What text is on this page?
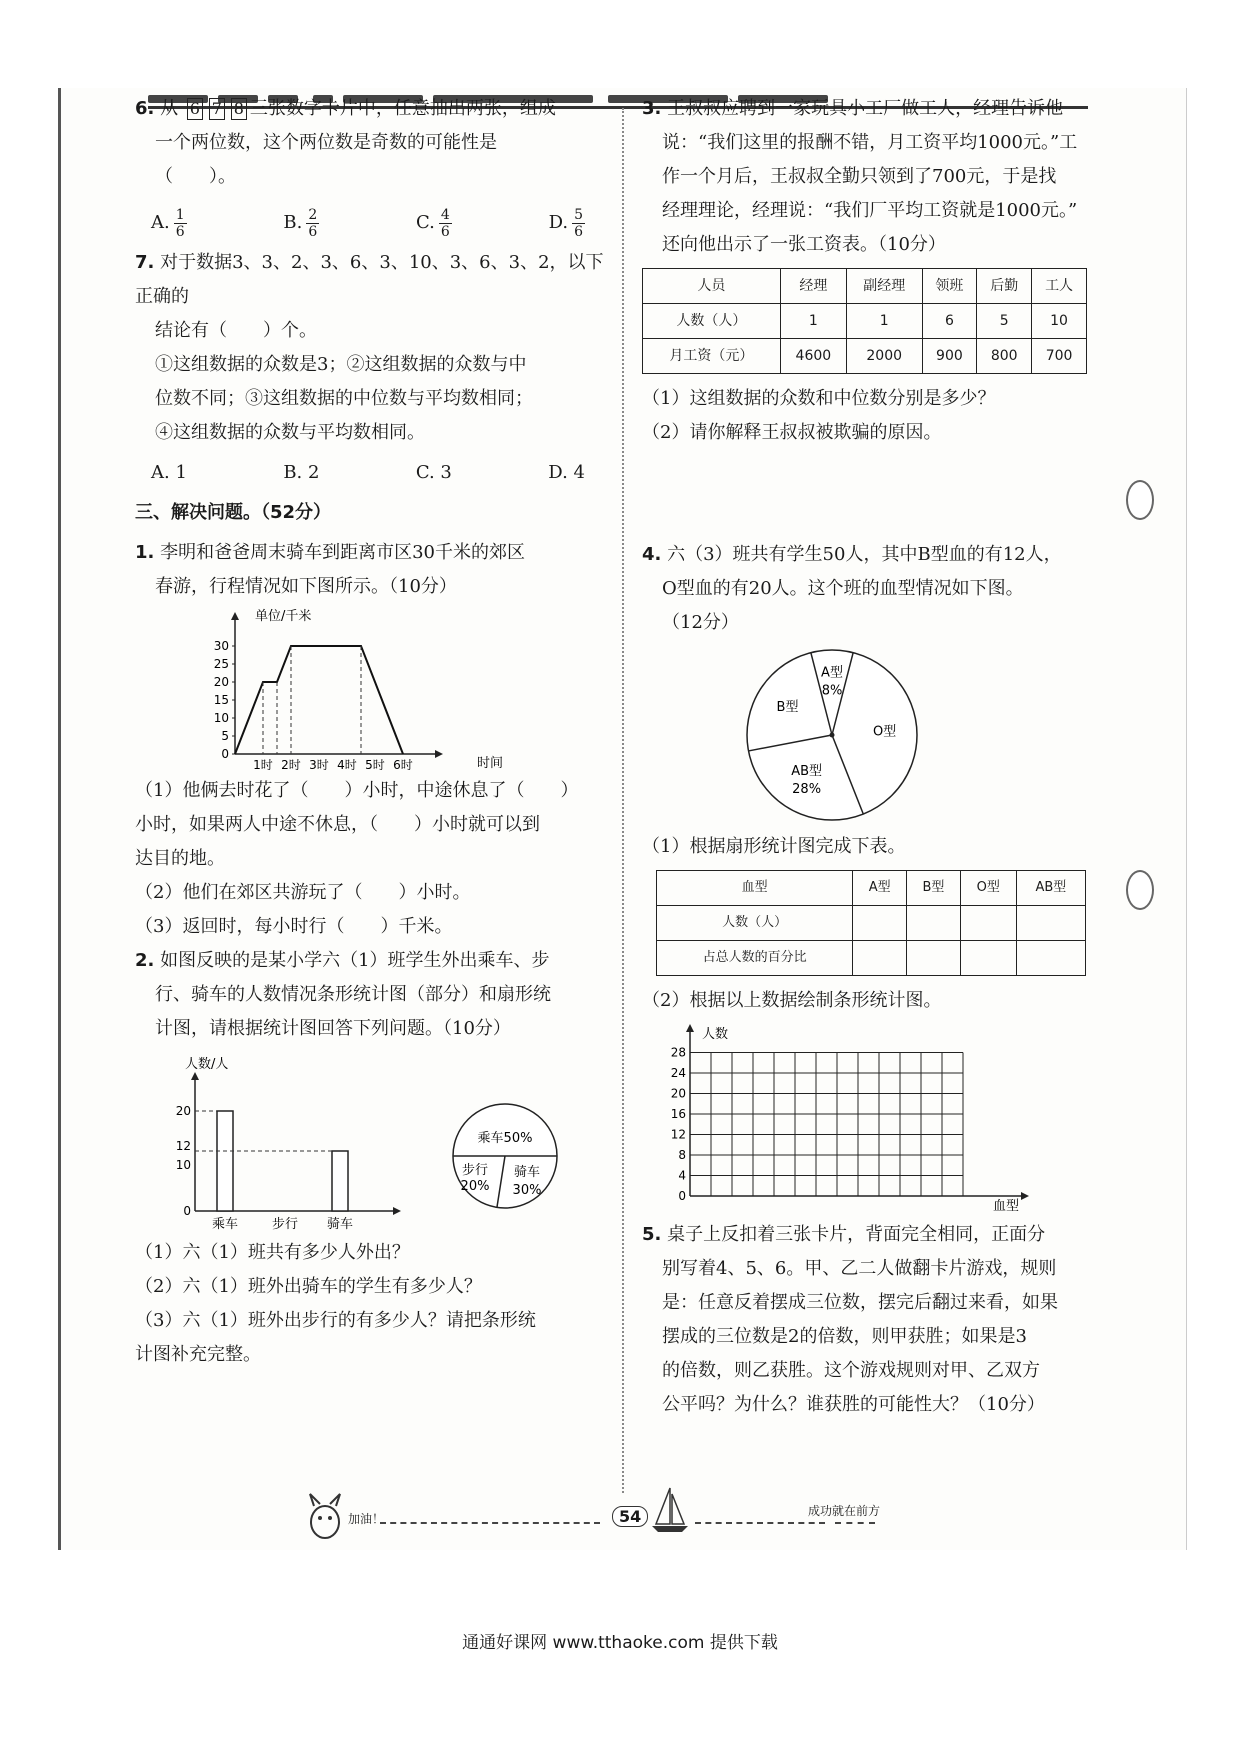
6. 从 6 7 8 三张数字卡片中，任意抽出两张，组成

一个两位数，这个两位数是奇数的可能性是

（　　）。

A. $\frac{1}{6}$	B. $\frac{2}{6}$	C. $\frac{4}{6}$	D. $\frac{5}{6}$

7. 对于数据3、3、2、3、6、3、10、3、6、3、2，以下正确的

结论有（　　）个。

①这组数据的众数是3；②这组数据的众数与中

位数不同；③这组数据的中位数与平均数相同；

④这组数据的众数与平均数相同。

A. 1	B. 2	C. 3	D. 4

三、解决问题。（52分）

1. 李明和爸爸周末骑车到距离市区30千米的郊区

春游，行程情况如下图所示。（10分）

单位/千米
时间
0
5
10
15
20
25
30
1时 2时 3时 4时 5时 6时

（1）他俩去时花了（　　）小时，中途休息了（　　）

小时，如果两人中途不休息，（　　）小时就可以到

达目的地。

（2）他们在郊区共游玩了（　　）小时。

（3）返回时，每小时行（　　）千米。

2. 如图反映的是某小学六（1）班学生外出乘车、步

行、骑车的人数情况条形统计图（部分）和扇形统

计图，请根据统计图回答下列问题。（10分）

人数/人
0
10
12
20
乘车	步行 骑车
乘车50%
骑车
30%
步行
20%

（1）六（1）班共有多少人外出？

（2）六（1）班外出骑车的学生有多少人？

（3）六（1）班外出步行的有多少人？请把条形统

计图补充完整。

3. 王叔叔应聘到一家玩具小工厂做工人，经理告诉他

说：“我们这里的报酬不错，月工资平均1000元。”工

作一个月后，王叔叔全勤只领到了700元，于是找

经理理论，经理说：“我们厂平均工资就是1000元。”

还向他出示了一张工资表。（10分）

人员	经理	副经理	领班	后勤	工人
人数（人）	1	1	6	5	10
月工资（元）	4600	2000	900	800	700

（1）这组数据的众数和中位数分别是多少？

（2）请你解释王叔叔被欺骗的原因。

4. 六（3）班共有学生50人，其中B型血的有12人，

O型血的有20人。这个班的血型情况如下图。

（12分）

A型
8%
O型
AB型
28%
B型

（1）根据扇形统计图完成下表。

血型	A型	B型	O型	AB型
人数（人）				
占总人数的百分比				

（2）根据以上数据绘制条形统计图。

人数
血型
0
4
8
12
16
20
24
28

5. 桌子上反扣着三张卡片，背面完全相同，正面分

别写着4、5、6。甲、乙二人做翻卡片游戏，规则

是：任意反着摆成三位数，摆完后翻过来看，如果

摆成的三位数是2的倍数，则甲获胜；如果是3

的倍数，则乙获胜。这个游戏规则对甲、乙双方

公平吗？为什么？谁获胜的可能性大？（10分）

加油！	54	成功就在前方
通通好课网 www.tthaoke.com 提供下载
